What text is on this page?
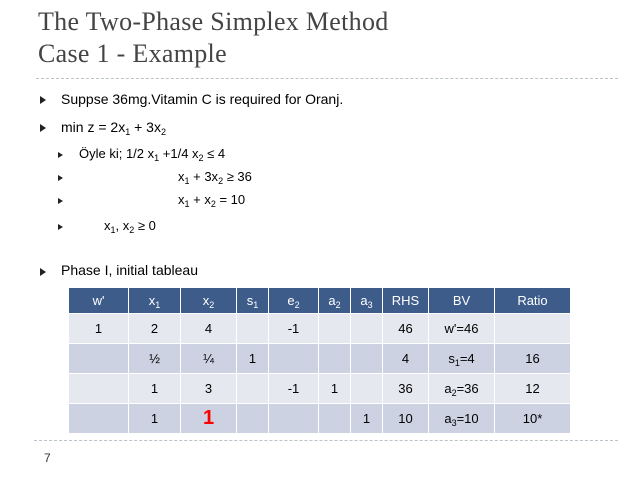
The Two-Phase Simplex Method
Case 1 - Example
Suppse 36mg.Vitamin C is required for Oranj.
$\min z = 2x_1 + 3x_2$
Öyle ki; 1/2 $x_1 +1/4$ $x_2 \le 4$
$x_1 + 3x_2 \ge 36$
$x_1 + x_2 = 10$
$x_1$, $x_2 \ge 0$
Phase I, initial tableau
w'	$x_1$	$x_2$	$s_1$	$e_2$	$a_2$	$a_3$	RHS	BV	Ratio
1	2	4		-1			46	w'=46	
	½	¼	1				4	$s_1=4$	16
	1	3		-1	1		36	$a_2=36$	12
	1	1				1	10	$a_3=10$	10*
7
